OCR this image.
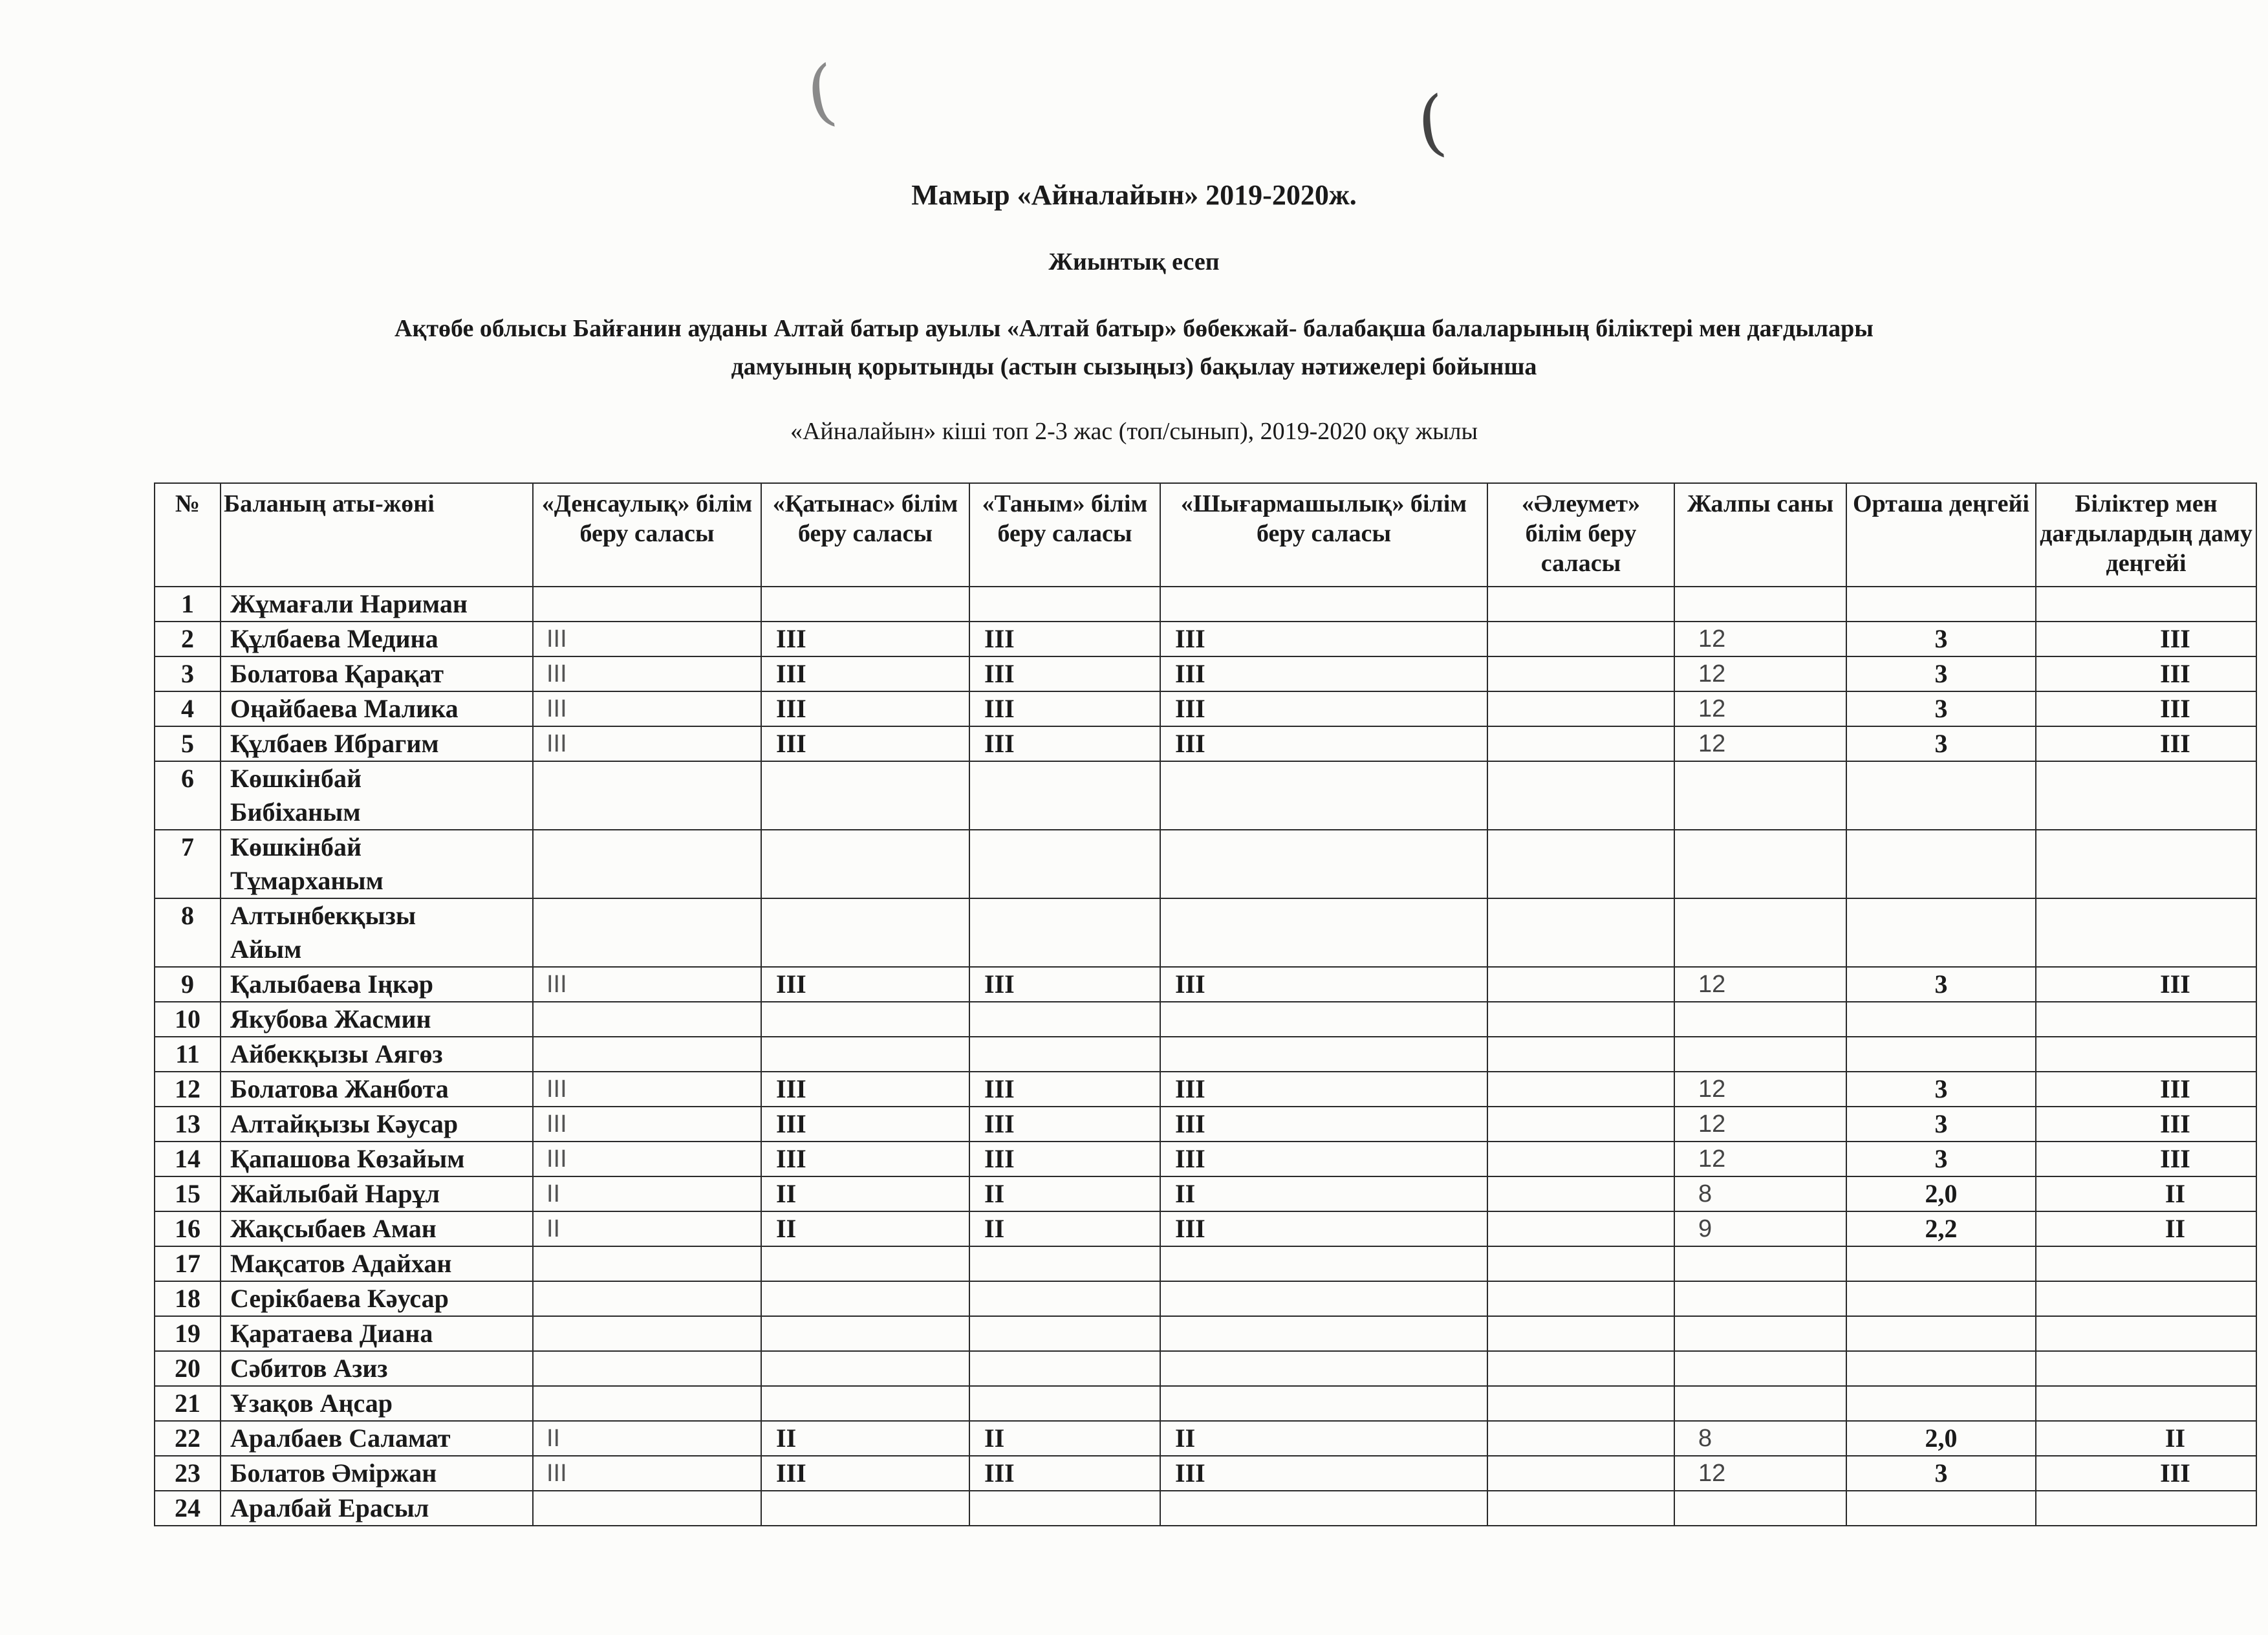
(	(
Мамыр «Айналайын» 2019-2020ж.
Жиынтық есеп
Ақтөбе облысы Байғанин ауданы Алтай батыр ауылы «Алтай батыр» бөбекжай- балабақша балаларының біліктері мен дағдылары
дамуының қорытынды (астын сызыңыз) бақылау нәтижелері бойынша
«Айналайын» кіші топ 2-3 жас (топ/сынып), 2019-2020 оқу жылы
№	Баланың аты-жөні	«Денсаулық» білім беру саласы	«Қатынас» білім беру саласы	«Таным» білім беру саласы	«Шығармашылық» білім беру саласы	«Әлеумет» білім беру саласы	Жалпы саны	Орташа деңгейі	Біліктер мен дағдылардың даму деңгейі
1	Жұмағали Нариман								
2	Құлбаева Медина	III	III	III	III		12	3	III
3	Болатова Қарақат	III	III	III	III		12	3	III
4	Оңайбаева Малика	III	III	III	III		12	3	III
5	Құлбаев Ибрагим	III	III	III	III		12	3	III
6	Көшкінбай
Бибіханым								

7	Көшкінбай
Тұмарханым								

8	Алтынбекқызы
Айым								

9	Қалыбаева Іңкәр	III	III	III	III		12	3	III
10	Якубова Жасмин								
11	Айбекқызы Аягөз								
12	Болатова Жанбота	III	III	III	III		12	3	III
13	Алтайқызы Кәусар	III	III	III	III		12	3	III
14	Қапашова Көзайым	III	III	III	III		12	3	III
15	Жайлыбай Нарұл	II	II	II	II		8	2,0	II
16	Жақсыбаев Аман	II	II	II	III		9	2,2	II
17	Мақсатов Адайхан								
18	Серікбаева Кәусар								
19	Қаратаева Диана								
20	Сәбитов Азиз								
21	Ұзақов Аңсар								
22	Аралбаев Саламат	II	II	II	II		8	2,0	II
23	Болатов Әміржан	III	III	III	III		12	3	III
24	Аралбай Ерасыл								
